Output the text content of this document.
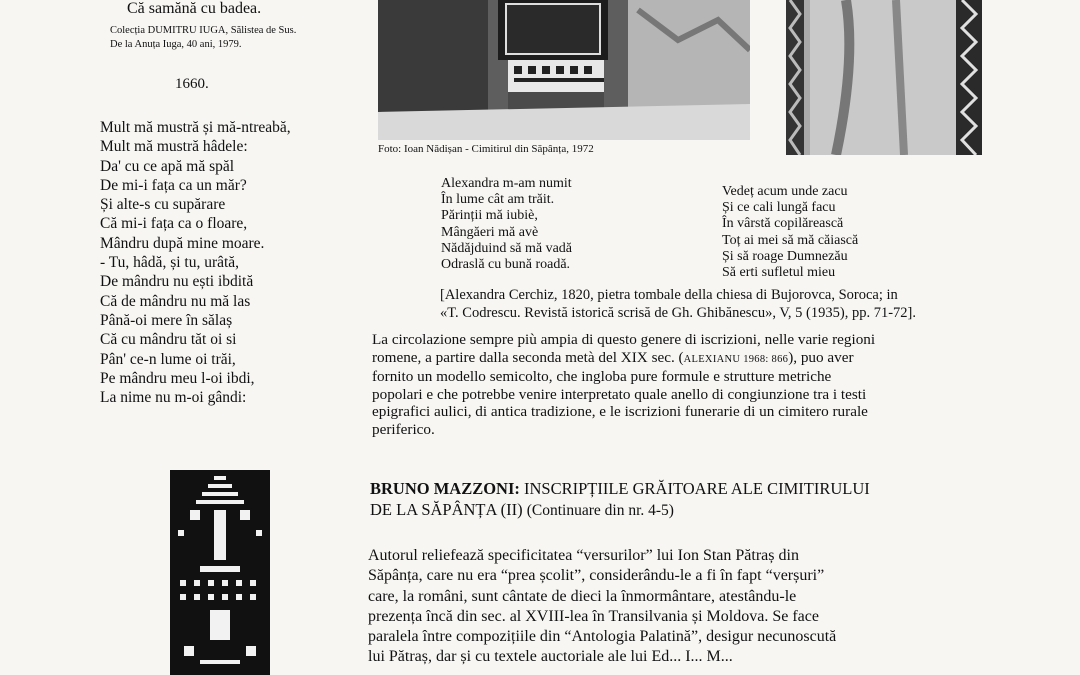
Că samănă cu badea.
Colecția DUMITRU IUGA, Sălistea de Sus.
De la Anuța Iuga, 40 ani, 1979.
1660.
Mult mă mustră și mă-ntreabă,
Mult mă mustră hâdele:
Da' cu ce apă mă spăl
De mi-i fața ca un măr?
Și alte-s cu supărare
Că mi-i fața ca o floare,
Mândru după mine moare.
- Tu, hâdă, și tu, urâtă,
De mândru nu ești ibdită
Că de mândru nu mă las
Până-oi mere în sălaș
Că cu mândru tăt oi si
Pân' ce-n lume oi trăi,
Pe mândru meu l-oi ibdi,
La nime nu m-oi gândi:
Foto: Ioan Nădișan - Cimitirul din Săpânța, 1972
Alexandra m-am numit
În lume cât am trăit.
Părinții mă iubiè,
Mângăeri mă avè
Nădăjduind să mă vadă
Odraslă cu bună roadă.
Vedeț acum unde zacu
Și ce cali lungă facu
În vârstă copilărească
Toț ai mei să mă căiască
Și să roage Dumnezău
Să erti sufletul mieu
[Alexandra Cerchiz, 1820, pietra tombale della chiesa di Bujorovca, Soroca; in
«T. Codrescu. Revistă istorică scrisă de Gh. Ghibănescu», V, 5 (1935), pp. 71-72].
La circolazione sempre più ampia di questo genere di iscrizioni, nelle varie regioni
romene, a partire dalla seconda metà del XIX sec. (ALEXIANU 1968: 866), puo aver
fornito un modello semicolto, che ingloba pure formule e strutture metriche
popolari e che potrebbe venire interpretato quale anello di congiunzione tra i testi
epigrafici aulici, di antica tradizione, e le iscrizioni funerarie di un cimitero rurale
periferico.
BRUNO MAZZONI: INSCRIPȚIILE GRĂITOARE ALE CIMITIRULUI
DE LA SĂPÂNȚA (II) (Continuare din nr. 4-5)
Autorul reliefează specificitatea “versurilor” lui Ion Stan Pătraș din
Săpânța, care nu era “prea școlit”, considerându-le a fi în fapt “verșuri”
care, la români, sunt cântate de dieci la înmormântare, atestându-le
prezența încă din sec. al XVIII-lea în Transilvania și Moldova. Se face
paralela între compozițiile din “Antologia Palatină”, desigur necunoscută
lui Pătraș, dar și cu textele auctoriale ale lui Ed... I... M...
